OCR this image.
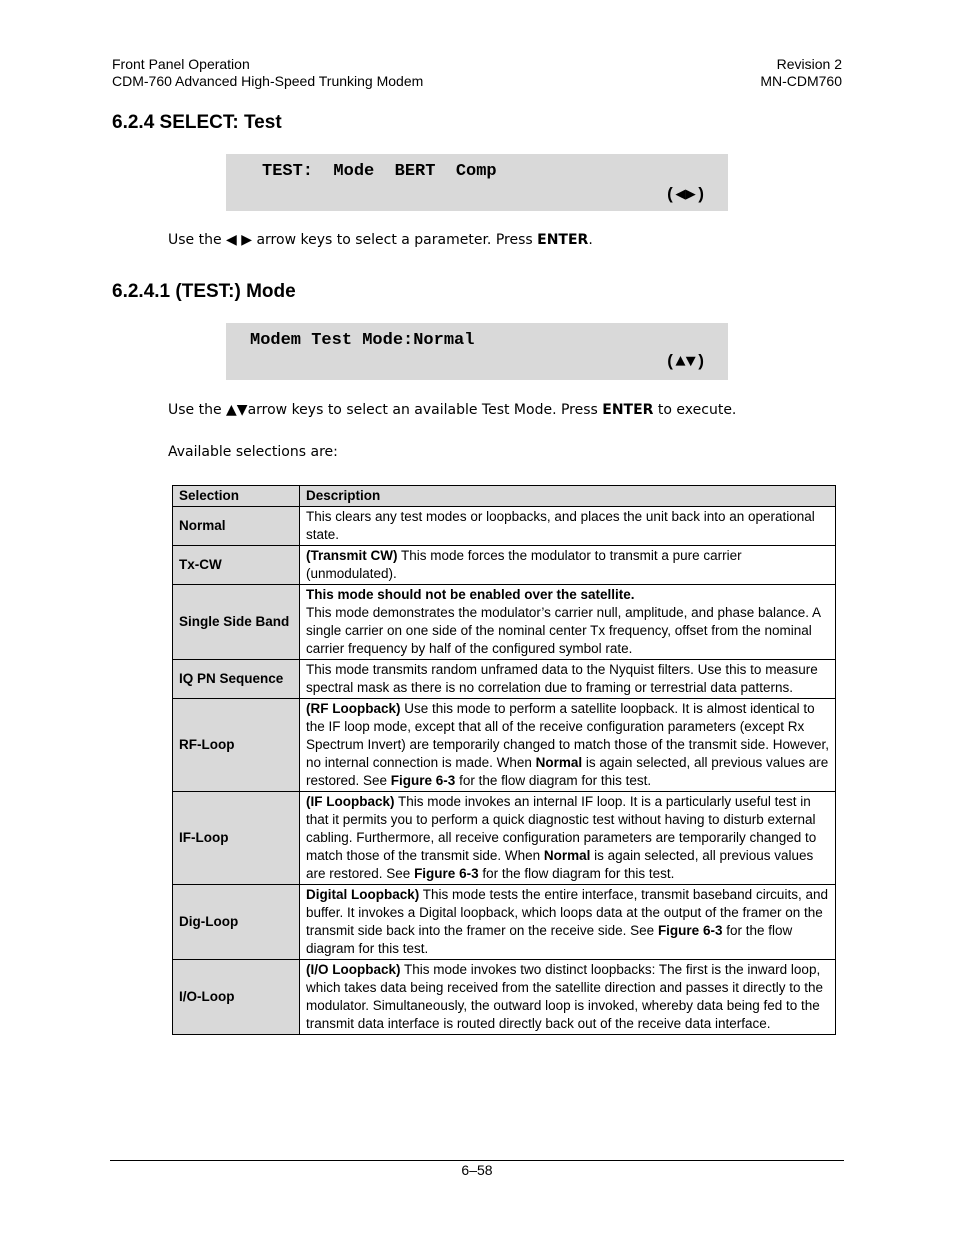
Front Panel Operation
CDM-760 Advanced High-Speed Trunking Modem
Revision 2
MN-CDM760
6.2.4 SELECT: Test
TEST:  Mode  BERT  Comp
(◀▶)
Use the ◀ ▶ arrow keys to select a parameter. Press ENTER.
6.2.4.1 (TEST:) Mode
Modem Test Mode:Normal
(▲▼)
Use the ▲▼arrow keys to select an available Test Mode. Press ENTER to execute.
Available selections are:
Selection	Description
Normal	This clears any test modes or loopbacks, and places the unit back into an operational state.
Tx-CW	(Transmit CW) This mode forces the modulator to transmit a pure carrier (unmodulated).
Single Side Band	This mode should not be enabled over the satellite.
This mode demonstrates the modulator’s carrier null, amplitude, and phase balance. A single carrier on one side of the nominal center Tx frequency, offset from the nominal carrier frequency by half of the configured symbol rate.
IQ PN Sequence	This mode transmits random unframed data to the Nyquist filters. Use this to measure spectral mask as there is no correlation due to framing or terrestrial data patterns.
RF-Loop	(RF Loopback) Use this mode to perform a satellite loopback. It is almost identical to the IF loop mode, except that all of the receive configuration parameters (except Rx Spectrum Invert) are temporarily changed to match those of the transmit side. However, no internal connection is made. When Normal is again selected, all previous values are restored. See Figure 6-3 for the flow diagram for this test.
IF-Loop	(IF Loopback) This mode invokes an internal IF loop. It is a particularly useful test in that it permits you to perform a quick diagnostic test without having to disturb external cabling. Furthermore, all receive configuration parameters are temporarily changed to match those of the transmit side. When Normal is again selected, all previous values are restored. See Figure 6-3 for the flow diagram for this test.
Dig-Loop	Digital Loopback) This mode tests the entire interface, transmit baseband circuits, and buffer. It invokes a Digital loopback, which loops data at the output of the framer on the transmit side back into the framer on the receive side. See Figure 6-3 for the flow diagram for this test.
I/O-Loop	(I/O Loopback) This mode invokes two distinct loopbacks: The first is the inward loop, which takes data being received from the satellite direction and passes it directly to the modulator. Simultaneously, the outward loop is invoked, whereby data being fed to the transmit data interface is routed directly back out of the receive data interface.
6–58
